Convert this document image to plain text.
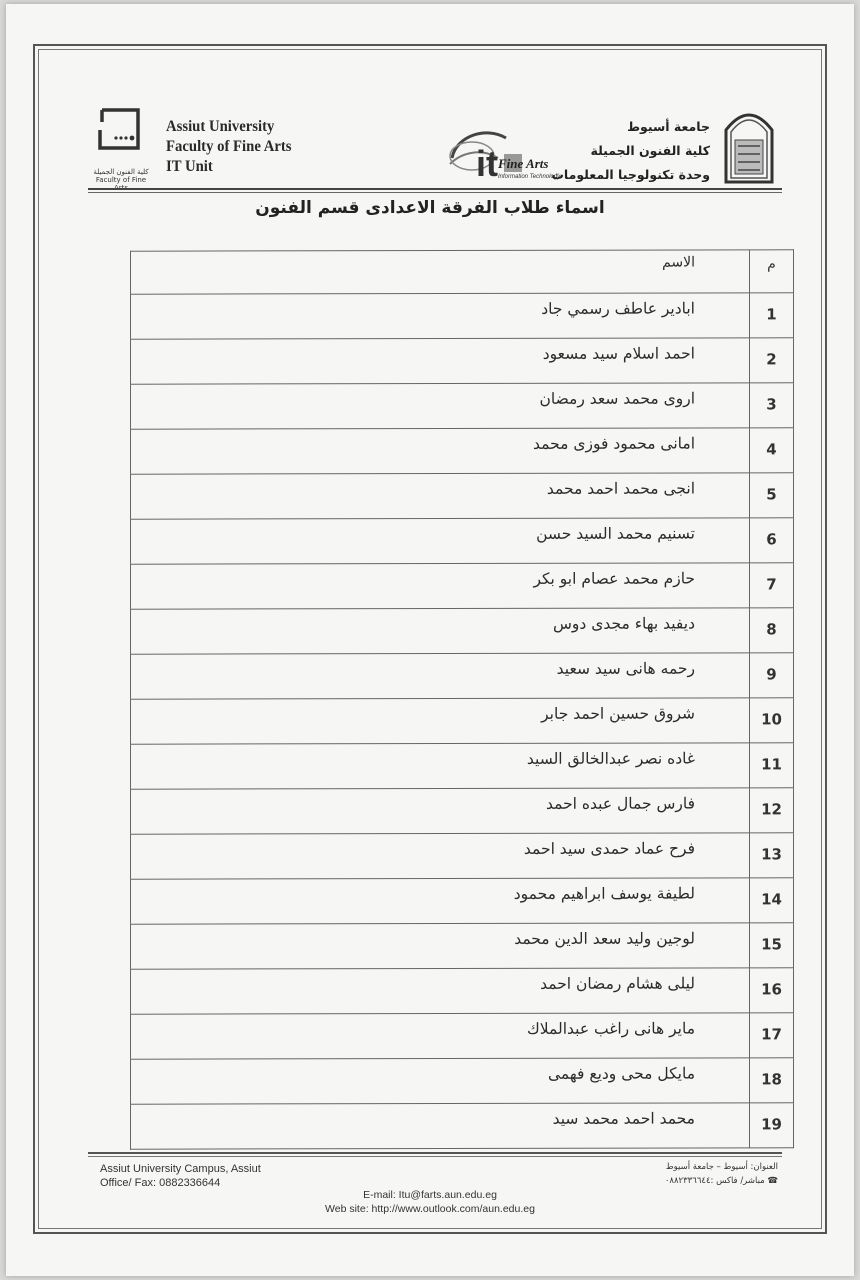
كلية الفنون الجميلة
Faculty of Fine Arts
Assiut University
Faculty of Fine Arts
IT Unit	it Fine Arts
Information Technology
جامعة أسيوط
كلية الفنون الجميلة
وحدة تكنولوجيا المعلومات
اسماء طلاب الفرقة الاعدادى قسم الفنون
الاسم	م
ابادير عاطف رسمي جاد	1
احمد اسلام سيد مسعود	2
اروى محمد سعد رمضان	3
امانى محمود فوزى محمد	4
انجى محمد احمد محمد	5
تسنيم محمد السيد حسن	6
حازم محمد عصام ابو بكر	7
ديفيد بهاء مجدى دوس	8
رحمه هانى سيد سعيد	9
شروق حسين احمد جابر	10
غاده نصر عبدالخالق السيد	11
فارس جمال عبده احمد	12
فرح عماد حمدى سيد احمد	13
لطيفة يوسف ابراهيم محمود	14
لوجين وليد سعد الدين محمد	15
ليلى هشام رمضان احمد	16
ماير هانى راغب عبدالملاك	17
مايكل محى وديع فهمى	18
محمد احمد محمد سيد	19
Assiut University Campus, Assiut
Office/ Fax: 0882336644
العنوان: أسيوط – جامعة أسيوط
☎ مباشر/ فاكس :٠٨٨٢٣٣٦٦٤٤
E-mail: Itu@farts.aun.edu.eg
Web site: http://www.outlook.com/aun.edu.eg
